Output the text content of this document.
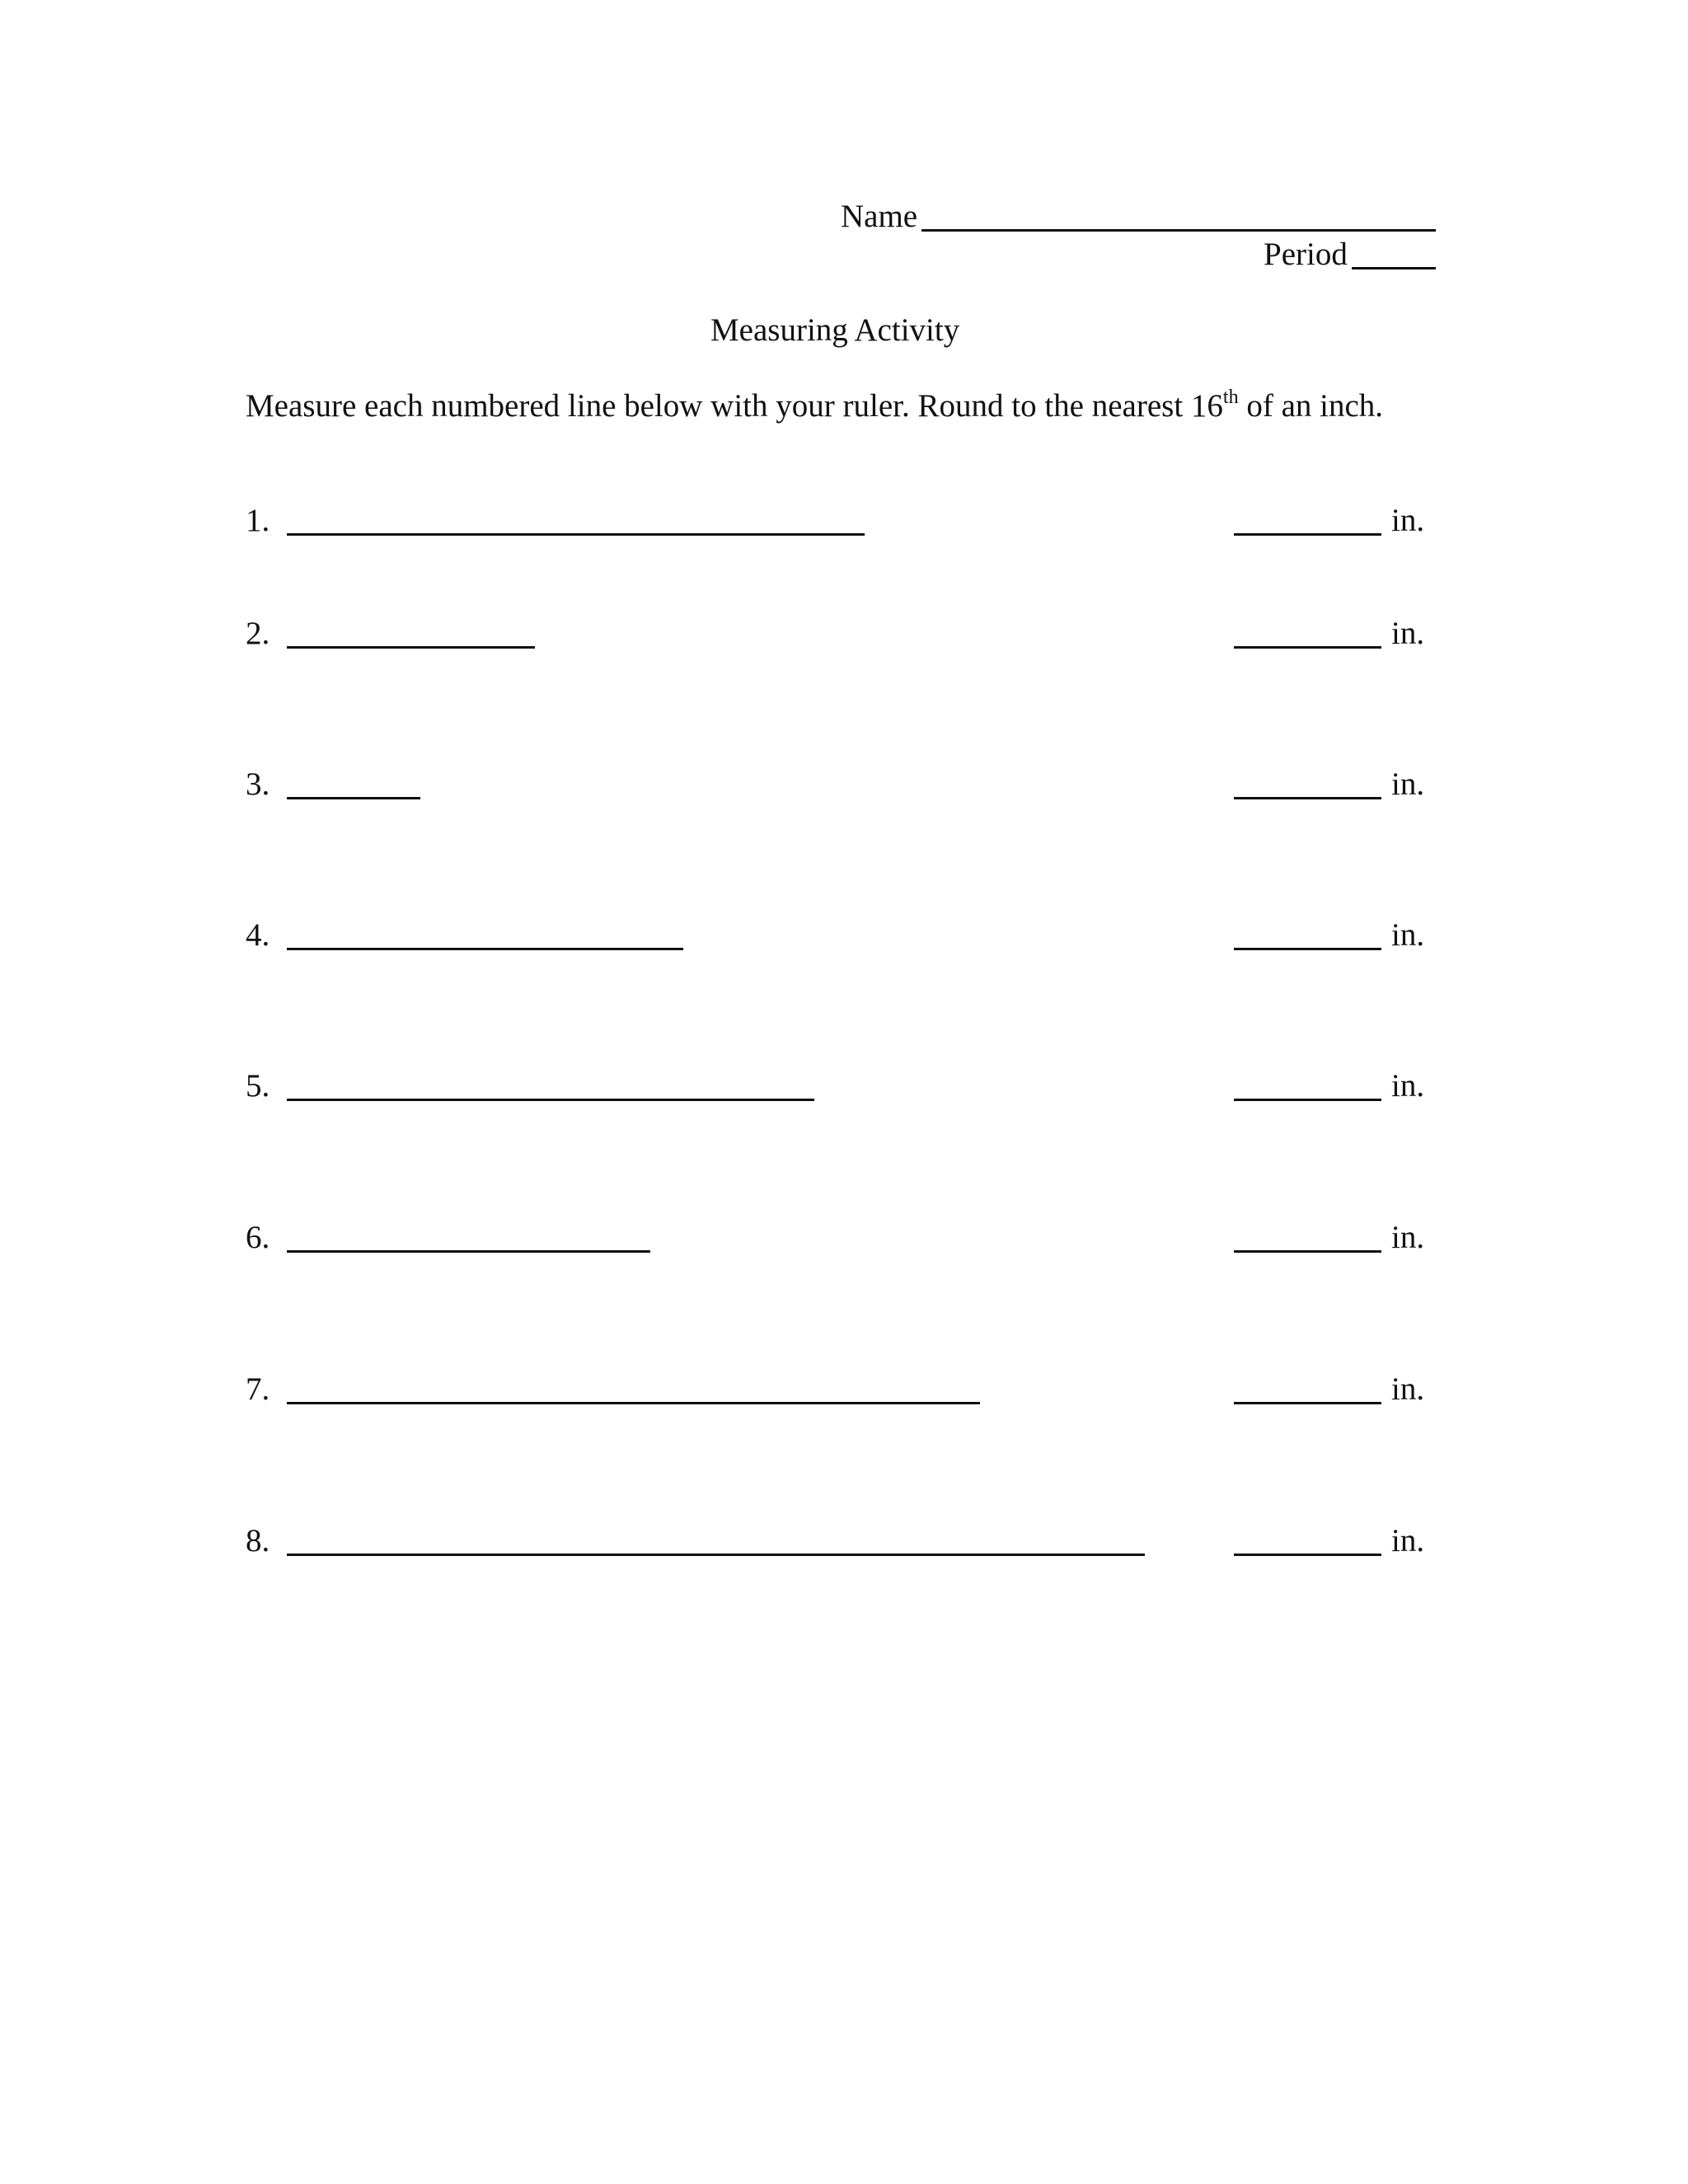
Name
Period
Measuring Activity
Measure each numbered line below with your ruler. Round to the nearest 16th of an inch.
1.	in.
2.	in.
3.	in.
4.	in.
5.	in.
6.	in.
7.	in.
8.	in.
